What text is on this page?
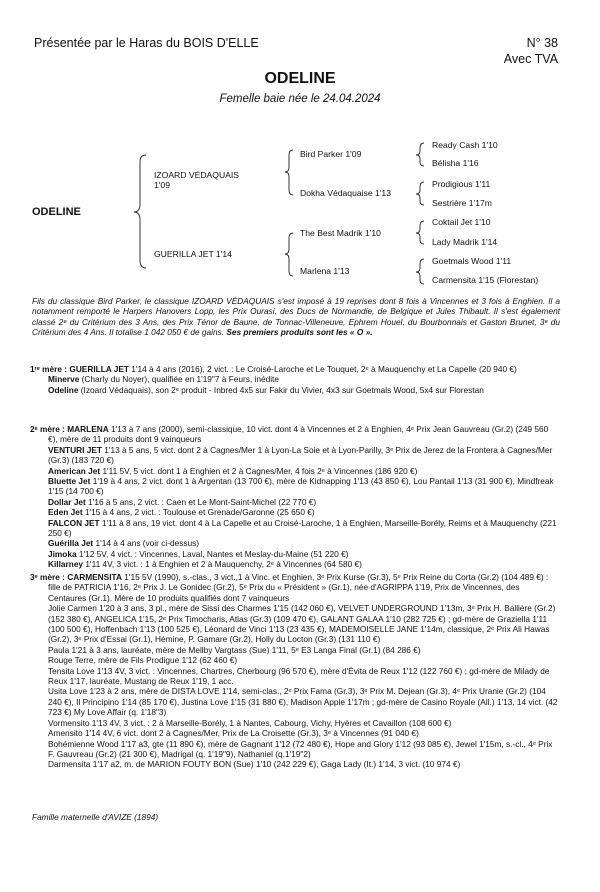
Présentée par le Haras du BOIS D'ELLE	N° 38
Avec TVA
ODELINE
Femelle baie née le 24.04.2024
ODELINE
IZOARD VÉDAQUAIS
1'09
GUERILLA JET 1'14
Bird Parker 1'09
Dokha Védaquaise 1'13
The Best Madrik 1'10
Marlena 1'13
Ready Cash 1'10
Bélisha 1'16
Prodigious 1'11
Sestrière 1'17m
Coktail Jet 1'10
Lady Madrik 1'14
Goetmals Wood 1'11
Carmensita 1'15 (Florestan)
Fils du classique Bird Parker, le classique IZOARD VÉDAQUAIS s'est imposé à 19 reprises dont 8 fois à Vincennes et 3 fois à Enghien. Il a notamment remporté le Harpers Hanovers Lopp, les Prix Ourasi, des Ducs de Normandie, de Belgique et Jules Thibault. Il s'est également classé 2ᵉ du Critérium des 3 Ans, des Prix Ténor de Baune, de Tonnac-Villeneuve, Ephrem Houel, du Bourbonnais et Gaston Brunet, 3ᵉ du Critérium des 4 Ans. Il totalise 1 042 050 € de gains. Ses premiers produits sont les « O ».

1ʳᵉ mère : GUERILLA JET 1'14 à 4 ans (2016), 2 vict. : Le Croisé-Laroche et Le Touquet, 2ᵉ à Mauquenchy et La Capelle (20 940 €)

Minerve (Charly du Noyer), qualifiée en 1'19"7 à Feurs, inédite

Odeline (Izoard Védaquais), son 2ᵉ produit - Inbred 4x5 sur Fakir du Vivier, 4x3 sur Goetmals Wood, 5x4 sur Florestan

2ᵉ mère : MARLENA 1'13 à 7 ans (2000), semi-classique, 10 vict. dont 4 à Vincennes et 2 à Enghien, 4ᵉ Prix Jean Gauvreau (Gr.2) (249 560 €), mère de 11 produits dont 9 vainqueurs

VENTURI JET 1'13 à 5 ans, 5 vict. dont 2 à Cagnes/Mer 1 à Lyon-La Soie et à Lyon-Parilly, 3ᵉ Prix de Jerez de la Frontera à Cagnes/Mer (Gr.3) (183 720 €)

American Jet 1'11 5V, 5 vict. dont 1 à Enghien et 2 à Cagnes/Mer, 4 fois 2ᵉ à Vincennes (186 920 €)

Bluette Jet 1'19 à 4 ans, 2 vict. dont 1 à Argentan (13 700 €), mère de Kidnapping 1'13 (43 850 €), Lou Pantail 1'13 (31 900 €), Mindfreak 1'15 (14 700 €)

Dollar Jet 1'16 à 5 ans, 2 vict. : Caen et Le Mont-Saint-Michel (22 770 €)

Eden Jet 1'15 à 4 ans, 2 vict. : Toulouse et Grenade/Garonne (25 650 €)

FALCON JET 1'11 à 8 ans, 19 vict. dont 4 à La Capelle et au Croisé-Laroche, 1 à Enghien, Marseille-Borély, Reims et à Mauquenchy (221 250 €)

Guérilla Jet 1'14 à 4 ans (voir ci-dessus)

Jimoka 1'12 5V, 4 vict. : Vincennes, Laval, Nantes et Meslay-du-Maine (51 220 €)

Killarney 1'11 4V, 3 vict. : 1 à Enghien et 2 à Mauquenchy, 2ᵉ à Vincennes (64 580 €)

3ᵉ mère : CARMENSITA 1'15 5V (1990), s.-clas., 3 vict.,1 à Vinc. et Enghien, 3ᵉ Prix Kurse (Gr.3), 5ᵉ Prix Reine du Corta (Gr.2) (104 489 €) : fille de PATRICIA 1'16, 2ᵉ Prix J. Le Gonidec (Gr.2), 5ᵉ Prix du « Président » (Gr.1), née d'AGRIPPA 1'19, Prix de Vincennes, des Centaures (Gr.1). Mère de 10 produits qualifiés dont 7 vainqueurs

Jolie Carmen 1'20 à 3 ans, 3 pl., mère de Sissi des Charmes 1'15 (142 060 €), VELVET UNDERGROUND 1'13m, 3ᵉ Prix H. Ballière (Gr.2) (152 380 €), ANGELICA 1'15, 2ᵉ Prix Timocharis, Atlas (Gr.3) (109 470 €), GALANT GALAA 1'10 (282 725 €) ; gd-mère de Graziella 1'11 (100 500 €), Hoffenbach 1'13 (100 525 €), Léonard de Vinci 1'13 (23 435 €), MADEMOISELLE JANE 1'14m, classique, 2ᵉ Prix Ali Hawas (Gr.2), 3ᵉ Prix d'Essai (Gr.1), Hémine, P. Gamare (Gr.2), Holly du Locton (Gr.3) (131 110 €)

Paula 1'21 à 3 ans, lauréate, mère de Mellby Vargtass (Sue) 1'11, 5ᵉ E3 Langa Final (Gr.1) (84 286 €)

Rouge Terre, mère de Fils Prodigue 1'12 (62 460 €)

Tensita Love 1'13 4V, 3 vict. : Vincennes, Chartres, Cherbourg (96 570 €), mère d'Évita de Reux 1'12 (122 760 €) ; gd-mère de Milady de Reux 1'17, lauréate, Mustang de Reux 1'19, 1 acc.

Usita Love 1'23 à 2 ans, mère de DISTA LOVE 1'14, semi-clas., 2ᵉ Prix Fama (Gr.3), 3ᵉ Prix M. Dejean (Gr.3), 4ᵉ Prix Uranie (Gr.2) (104 240 €), Il Principino 1'14 (85 170 €), Justina Love 1'15 (31 880 €), Madison Apple 1'17m ; gd-mère de Casino Royale (All.) 1'13, 14 vict. (42 723 €) My Love Affair (q. 1'18"3)

Vormensito 1'13 4V, 3 vict. : 2 à Marseille-Borély, 1 à Nantes, Cabourg, Vichy, Hyères et Cavaillon (108 600 €)

Amensito 1'14 4V, 6 vict. dont 2 à Cagnes/Mer, Prix de La Croisette (Gr.3), 3ᵉ à Vincennes (91 040 €)

Bohémienne Wood 1'17 a3, gte (11 890 €), mère de Gagnant 1'12 (72 480 €), Hope and Glory 1'12 (93 085 €), Jewel 1'15m, s.-cl., 4ᵉ Prix F. Gauvreau (Gr.2) (21 300 €), Madrigal (q. 1'19"9), Nathaniel (q.1'19"2)

Darmensita 1'17 a2, m. de MARION FOUTY BON (Sue) 1'10 (242 229 €), Gaga Lady (It.) 1'14, 3 vict. (10 974 €)

Famille maternelle d'AVIZE (1894)
